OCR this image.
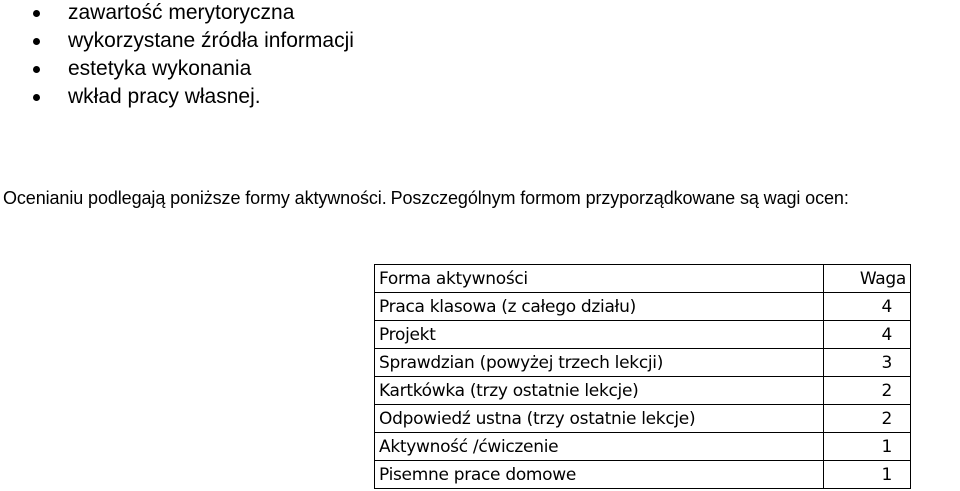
zawartość merytoryczna
wykorzystane źródła informacji
estetyka wykonania
wkład pracy własnej.
Ocenianiu podlegają poniższe formy aktywności. Poszczególnym formom przyporządkowane są wagi ocen:
Forma aktywności	Waga
Praca klasowa (z całego działu)	4
Projekt	4
Sprawdzian (powyżej trzech lekcji)	3
Kartkówka (trzy ostatnie lekcje)	2
Odpowiedź ustna (trzy ostatnie lekcje)	2
Aktywność /ćwiczenie	1
Pisemne prace domowe	1
